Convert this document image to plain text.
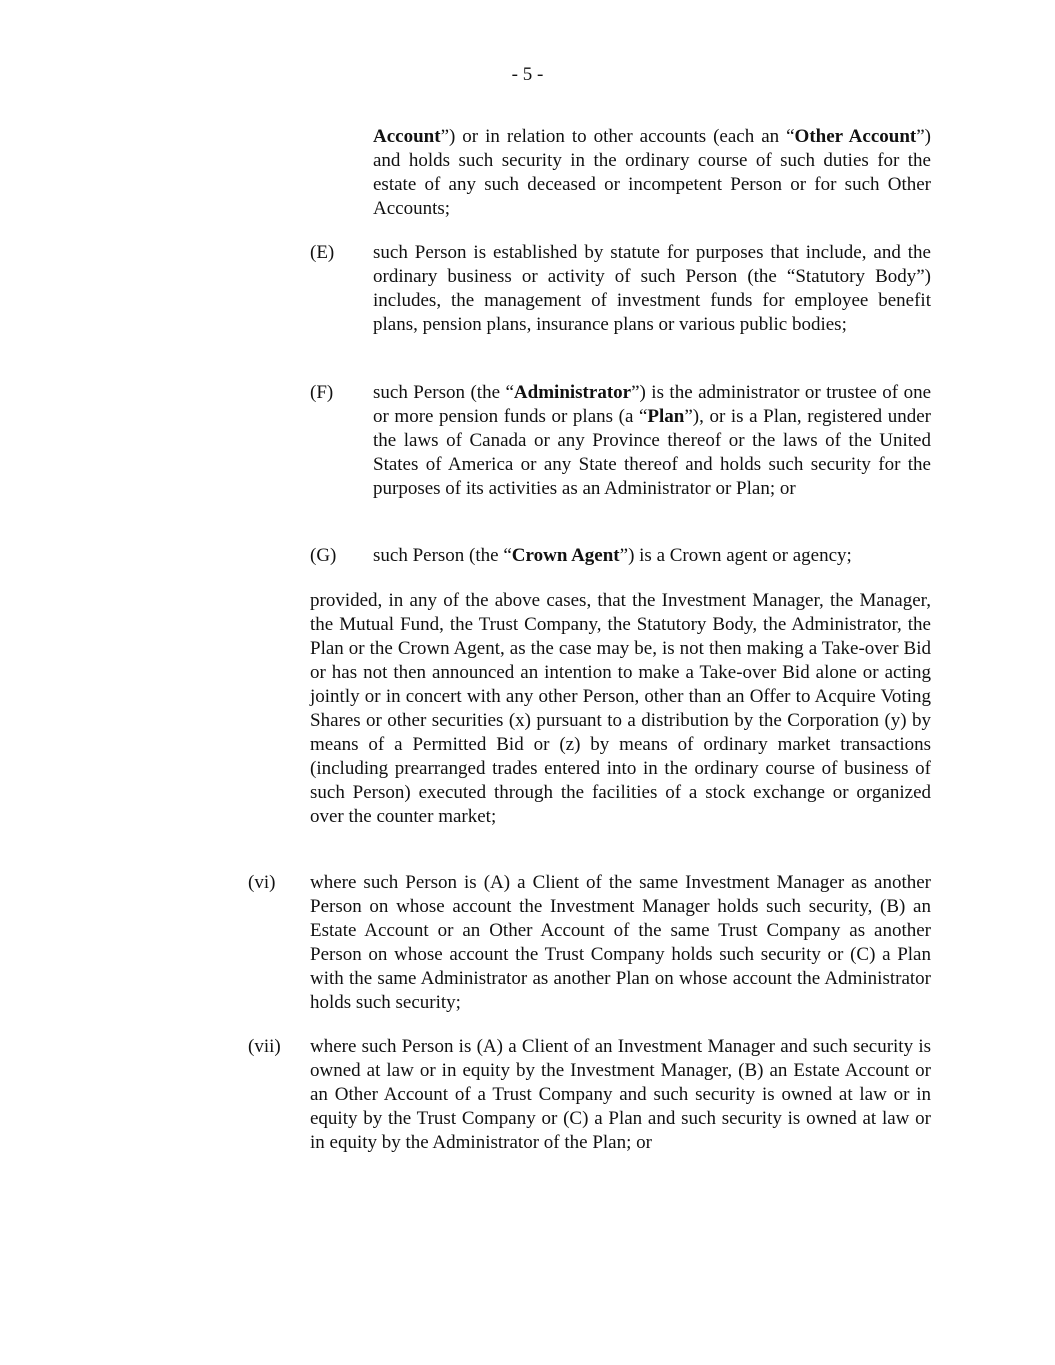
- 5 -

Account”) or in relation to other accounts (each an “Other Account”) and holds such security in the ordinary course of such duties for the estate of any such deceased or incompetent Person or for such Other Accounts;

(E) such Person is established by statute for purposes that include, and the ordinary business or activity of such Person (the “Statutory Body”) includes, the management of investment funds for employee benefit plans, pension plans, insurance plans or various public bodies;

(F) such Person (the “Administrator”) is the administrator or trustee of one or more pension funds or plans (a “Plan”), or is a Plan, registered under the laws of Canada or any Province thereof or the laws of the United States of America or any State thereof and holds such security for the purposes of its activities as an Administrator or Plan; or

(G) such Person (the “Crown Agent”) is a Crown agent or agency;

provided, in any of the above cases, that the Investment Manager, the Manager, the Mutual Fund, the Trust Company, the Statutory Body, the Administrator, the Plan or the Crown Agent, as the case may be, is not then making a Take-over Bid or has not then announced an intention to make a Take-over Bid alone or acting jointly or in concert with any other Person, other than an Offer to Acquire Voting Shares or other securities (x) pursuant to a distribution by the Corporation (y) by means of a Permitted Bid or (z) by means of ordinary market transactions (including prearranged trades entered into in the ordinary course of business of such Person) executed through the facilities of a stock exchange or organized over the counter market;

(vi) where such Person is (A) a Client of the same Investment Manager as another Person on whose account the Investment Manager holds such security, (B) an Estate Account or an Other Account of the same Trust Company as another Person on whose account the Trust Company holds such security or (C) a Plan with the same Administrator as another Plan on whose account the Administrator holds such security;

(vii) where such Person is (A) a Client of an Investment Manager and such security is owned at law or in equity by the Investment Manager, (B) an Estate Account or an Other Account of a Trust Company and such security is owned at law or in equity by the Trust Company or (C) a Plan and such security is owned at law or in equity by the Administrator of the Plan; or
